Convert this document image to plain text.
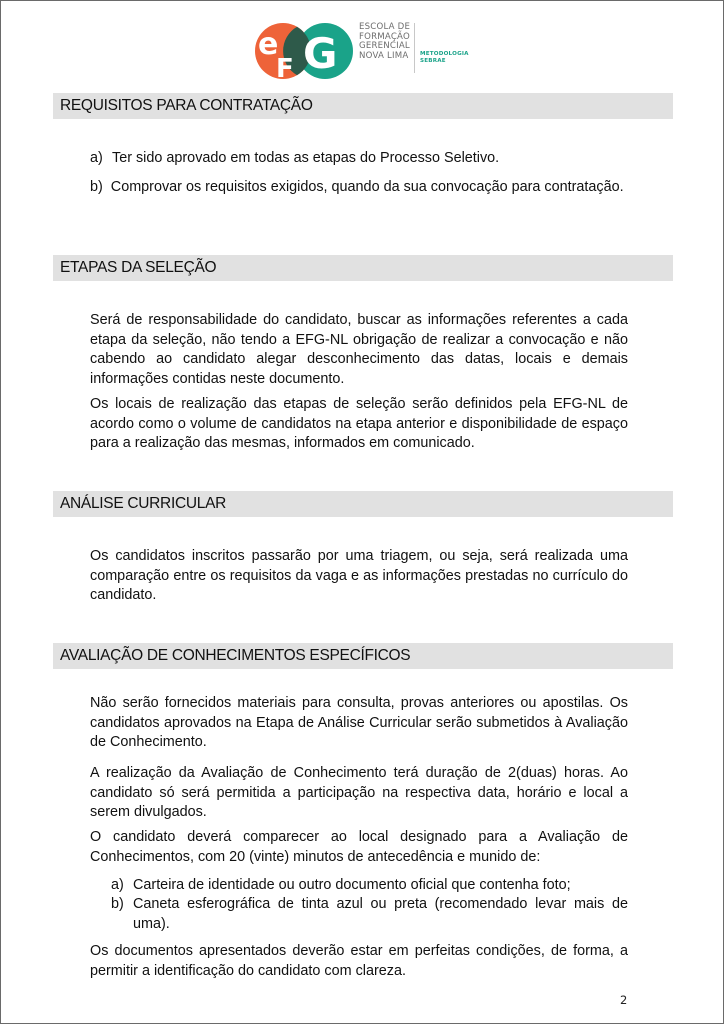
e
F G
ESCOLA DE
FORMAÇÃO
GERENCIAL
NOVA LIMA	METODOLOGIA
SEBRAE
REQUISITOS PARA CONTRATAÇÃO
a) Ter sido aprovado em todas as etapas do Processo Seletivo.
b) Comprovar os requisitos exigidos, quando da sua convocação para contratação.
ETAPAS DA SELEÇÃO

Será de responsabilidade do candidato, buscar as informações referentes a cada etapa da seleção, não tendo a EFG-NL obrigação de realizar a convocação e não cabendo ao candidato alegar desconhecimento das datas, locais e demais informações contidas neste documento.

Os locais de realização das etapas de seleção serão definidos pela EFG-NL de acordo como o volume de candidatos na etapa anterior e disponibilidade de espaço para a realização das mesmas, informados em comunicado.

ANÁLISE CURRICULAR

Os candidatos inscritos passarão por uma triagem, ou seja, será realizada uma comparação entre os requisitos da vaga e as informações prestadas no currículo do candidato.

AVALIAÇÃO DE CONHECIMENTOS ESPECÍFICOS

Não serão fornecidos materiais para consulta, provas anteriores ou apostilas. Os candidatos aprovados na Etapa de Análise Curricular serão submetidos à Avaliação de Conhecimento.

A realização da Avaliação de Conhecimento terá duração de 2(duas) horas. Ao candidato só será permitida a participação na respectiva data, horário e local a serem divulgados.

O candidato deverá comparecer ao local designado para a Avaliação de Conhecimentos, com 20 (vinte) minutos de antecedência e munido de:

a) Carteira de identidade ou outro documento oficial que contenha foto;
b) Caneta esferográfica de tinta azul ou preta (recomendado levar mais de uma).

Os documentos apresentados deverão estar em perfeitas condições, de forma, a permitir a identificação do candidato com clareza.

2
